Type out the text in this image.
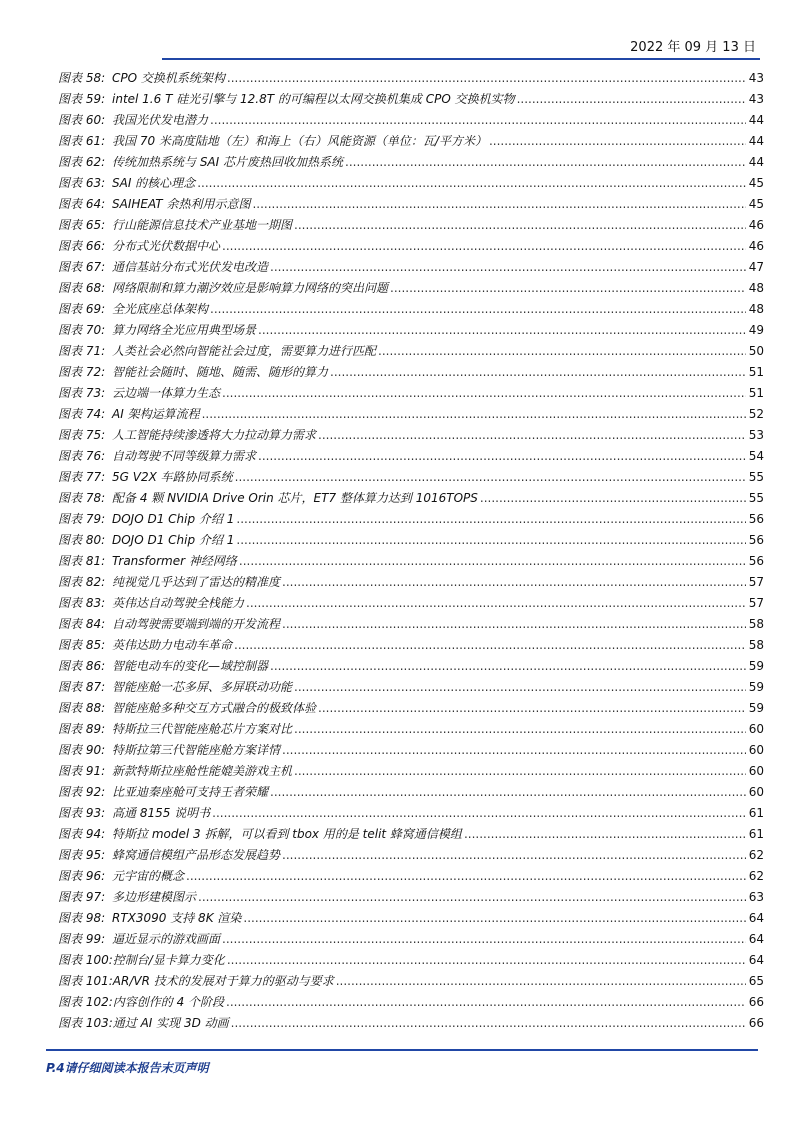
2022 年 09 月 13 日
图表 58: CPO 交换机系统架构 .....	43
图表 59: intel 1.6 T 硅光引擎与 12.8T 的可编程以太网交换机集成 CPO 交换机实物 .....	43
图表 60: 我国光伏发电潜力 .....	44
图表 61: 我国 70 米高度陆地（左）和海上（右）风能资源（单位：瓦/平方米） .....	44
图表 62: 传统加热系统与 SAI 芯片废热回收加热系统 .....	44
图表 63: SAI 的核心理念 .....	45
图表 64: SAIHEAT 余热利用示意图 .....	45
图表 65: 行山能源信息技术产业基地一期图 .....	46
图表 66: 分布式光伏数据中心 .....	46
图表 67: 通信基站分布式光伏发电改造 .....	47
图表 68: 网络限制和算力潮汐效应是影响算力网络的突出问题 .....	48
图表 69: 全光底座总体架构 .....	48
图表 70: 算力网络全光应用典型场景 .....	49
图表 71: 人类社会必然向智能社会过度，需要算力进行匹配 .....	50
图表 72: 智能社会随时、随地、随需、随形的算力 .....	51
图表 73: 云边端一体算力生态 .....	51
图表 74: AI 架构运算流程 .....	52
图表 75: 人工智能持续渗透将大力拉动算力需求 .....	53
图表 76: 自动驾驶不同等级算力需求 .....	54
图表 77: 5G V2X 车路协同系统 .....	55
图表 78: 配备 4 颗 NVIDIA Drive Orin 芯片，ET7 整体算力达到 1016TOPS .....	55
图表 79: DOJO D1 Chip 介绍 1 .....	56
图表 80: DOJO D1 Chip 介绍 1 .....	56
图表 81: Transformer 神经网络 .....	56
图表 82: 纯视觉几乎达到了雷达的精准度 .....	57
图表 83: 英伟达自动驾驶全栈能力 .....	57
图表 84: 自动驾驶需要端到端的开发流程 .....	58
图表 85: 英伟达助力电动车革命 .....	58
图表 86: 智能电动车的变化—域控制器 .....	59
图表 87: 智能座舱一芯多屏、多屏联动功能 .....	59
图表 88: 智能座舱多种交互方式融合的极致体验 .....	59
图表 89: 特斯拉三代智能座舱芯片方案对比 .....	60
图表 90: 特斯拉第三代智能座舱方案详情 .....	60
图表 91: 新款特斯拉座舱性能媲美游戏主机 .....	60
图表 92: 比亚迪秦座舱可支持王者荣耀 .....	60
图表 93: 高通 8155 说明书 .....	61
图表 94: 特斯拉 model 3 拆解，可以看到 tbox 用的是 telit 蜂窝通信模组 .....	61
图表 95: 蜂窝通信模组产品形态发展趋势 .....	62
图表 96: 元宇宙的概念 .....	62
图表 97: 多边形建模图示 .....	63
图表 98: RTX3090 支持 8K 渲染 .....	64
图表 99: 逼近显示的游戏画面 .....	64
图表 100: 控制台/显卡算力变化 .....	64
图表 101: AR/VR 技术的发展对于算力的驱动与要求 .....	65
图表 102: 内容创作的 4 个阶段 .....	66
图表 103: 通过 AI 实现 3D 动画 .....	66
P.4请仔细阅读本报告末页声明
